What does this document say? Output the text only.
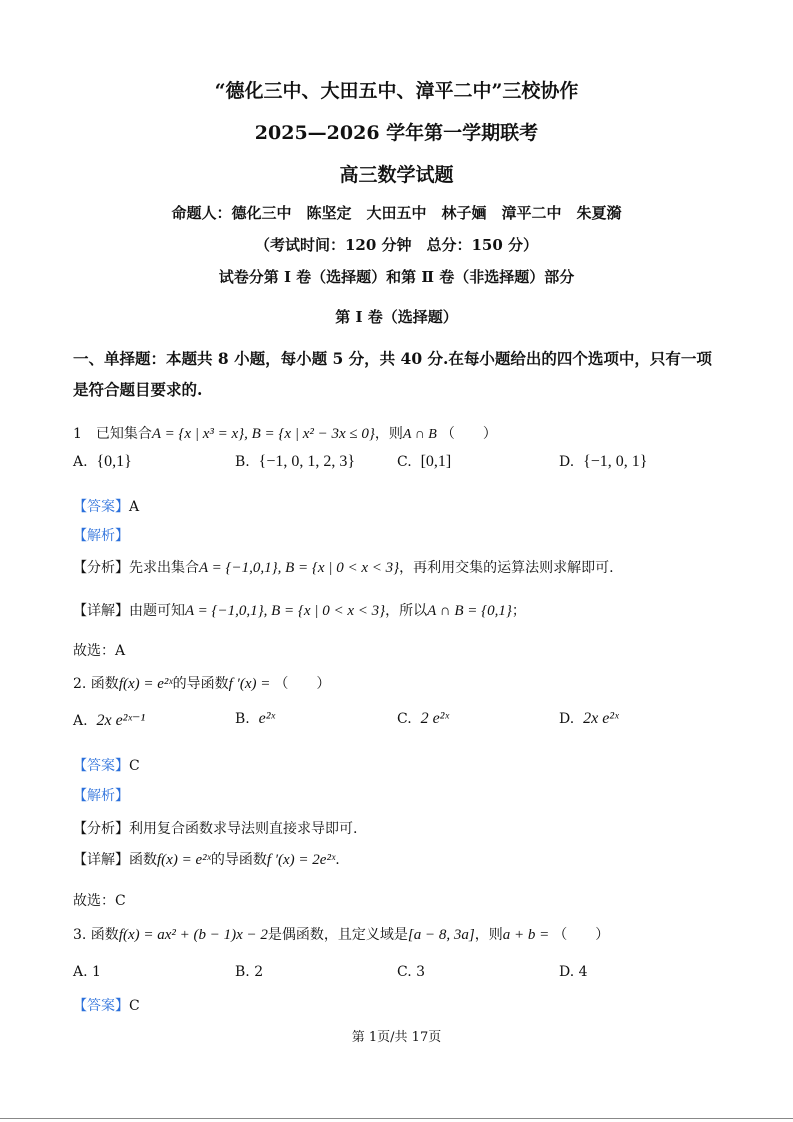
“德化三中、大田五中、漳平二中”三校协作
2025—2026 学年第一学期联考
高三数学试题
命题人：德化三中　陈坚定　大田五中　林子婳　漳平二中　朱夏漪
（考试时间：120 分钟　总分：150 分）
试卷分第 Ⅰ 卷（选择题）和第 Ⅱ 卷（非选择题）部分
第 Ⅰ 卷（选择题）
一、单择题：本题共 8 小题，每小题 5 分，共 40 分.在每小题给出的四个选项中，只有一项
是符合题目要求的.
1　已知集合A = {x | x³ = x}, B = {x | x² − 3x ≤ 0}，则A ∩ B （　　）
A. {0,1}	B. {−1, 0, 1, 2, 3}	C. [0,1]	D. {−1, 0, 1}
【答案】A
【解析】
【分析】先求出集合A = {−1,0,1}, B = {x | 0 < x < 3}，再利用交集的运算法则求解即可.
【详解】由题可知A = {−1,0,1}, B = {x | 0 < x < 3}，所以A ∩ B = {0,1}；
故选：A
2. 函数f(x) = e²ˣ的导函数f ′(x) = （　　）
A. 2x e²ˣ⁻¹	B. e²ˣ	C. 2 e²ˣ	D. 2x e²ˣ
【答案】C
【解析】
【分析】利用复合函数求导法则直接求导即可.
【详解】函数f(x) = e²ˣ的导函数f ′(x) = 2e²ˣ.
故选：C
3. 函数f(x) = ax² + (b − 1)x − 2是偶函数，且定义域是[a − 8, 3a]，则a + b = （　　）
A. 1	B. 2	C. 3	D. 4
【答案】C
第 1页/共 17页
